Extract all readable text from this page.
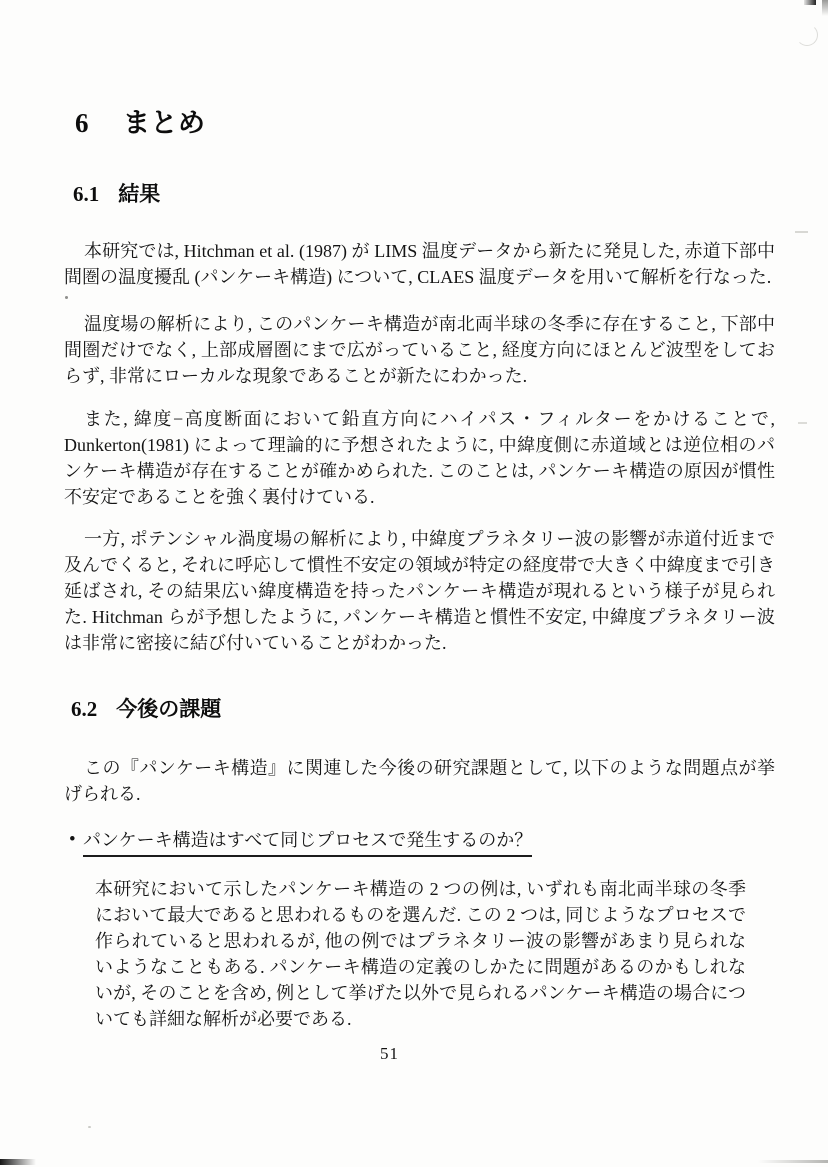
6 まとめ
6.1 結果

本研究では, Hitchman et al. (1987) が LIMS 温度データから新たに発見した, 赤道下部中間圏の温度擾乱 (パンケーキ構造) について, CLAES 温度データを用いて解析を行なった.

温度場の解析により, このパンケーキ構造が南北両半球の冬季に存在すること, 下部中間圏だけでなく, 上部成層圏にまで広がっていること, 経度方向にほとんど波型をしておらず, 非常にローカルな現象であることが新たにわかった.

また, 緯度−高度断面において鉛直方向にハイパス・フィルターをかけることで, Dunkerton(1981) によって理論的に予想されたように, 中緯度側に赤道域とは逆位相のパンケーキ構造が存在することが確かめられた. このことは, パンケーキ構造の原因が慣性不安定であることを強く裏付けている.

一方, ポテンシャル渦度場の解析により, 中緯度プラネタリー波の影響が赤道付近まで及んでくると, それに呼応して慣性不安定の領域が特定の経度帯で大きく中緯度まで引き延ばされ, その結果広い緯度構造を持ったパンケーキ構造が現れるという様子が見られた. Hitchman らが予想したように, パンケーキ構造と慣性不安定, 中緯度プラネタリー波は非常に密接に結び付いていることがわかった.

6.2 今後の課題

この『パンケーキ構造』に関連した今後の研究課題として, 以下のような問題点が挙げられる.

• パンケーキ構造はすべて同じプロセスで発生するのか？

本研究において示したパンケーキ構造の 2 つの例は, いずれも南北両半球の冬季において最大であると思われるものを選んだ. この 2 つは, 同じようなプロセスで作られていると思われるが, 他の例ではプラネタリー波の影響があまり見られないようなこともある. パンケーキ構造の定義のしかたに問題があるのかもしれないが, そのことを含め, 例として挙げた以外で見られるパンケーキ構造の場合についても詳細な解析が必要である.

51
